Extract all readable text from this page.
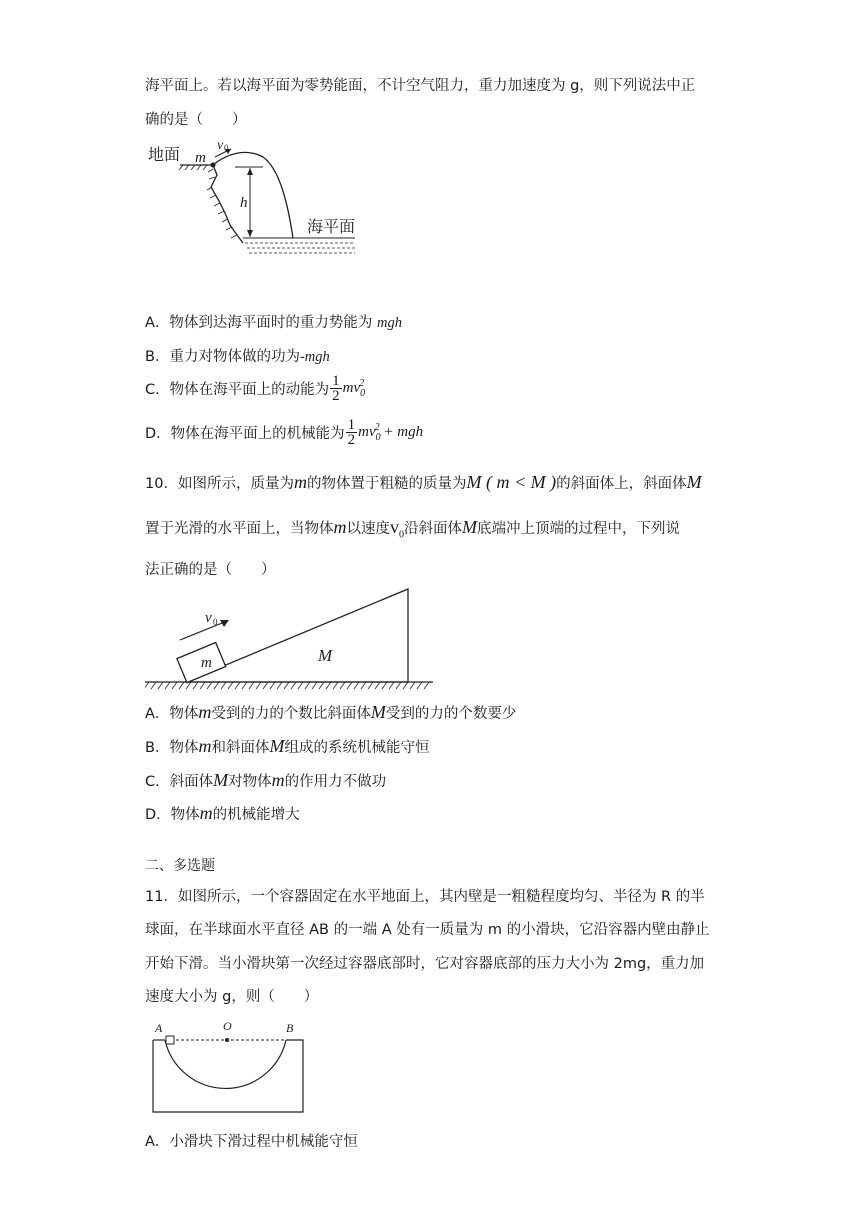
海平面上。若以海平面为零势能面，不计空气阻力，重力加速度为 g，则下列说法中正
确的是（　　）
地面 m
v 0
h
海平面
A．物体到达海平面时的重力势能为 mgh
B．重力对物体做的功为-mgh
C．物体在海平面上的动能为 $\frac{1}{2} mv_0^2$
D．物体在海平面上的机械能为 $\frac{1}{2} mv_0^2$ + mgh
10．如图所示，质量为m的物体置于粗糙的质量为M ( m < M )的斜面体上，斜面体M
置于光滑的水平面上，当物体m以速度$v_0$沿斜面体M底端冲上顶端的过程中，下列说
法正确的是（　　）
v 0
m	M
A．物体m受到的力的个数比斜面体M受到的力的个数要少
B．物体m和斜面体M组成的系统机械能守恒
C．斜面体M对物体m的作用力不做功
D．物体m的机械能增大
二、多选题
11．如图所示，一个容器固定在水平地面上，其内壁是一粗糙程度均匀、半径为 R 的半
球面，在半球面水平直径 AB 的一端 A 处有一质量为 m 的小滑块，它沿容器内壁由静止
开始下滑。当小滑块第一次经过容器底部时，它对容器底部的压力大小为 2mg，重力加
速度大小为 g，则（　　）
A	O	B
A．小滑块下滑过程中机械能守恒
